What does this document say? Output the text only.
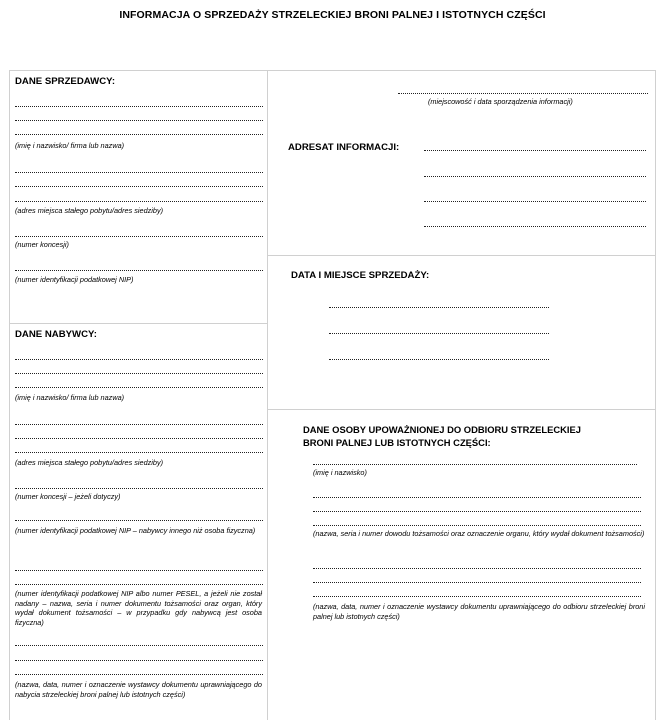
INFORMACJA O SPRZEDAŻY STRZELECKIEJ BRONI PALNEJ I ISTOTNYCH CZĘŚCI
DANE SPRZEDAWCY:
(imię i nazwisko/ firma lub nazwa)
(adres miejsca stałego pobytu/adres siedziby)
(numer koncesji)
(numer identyfikacji podatkowej NIP)
DANE NABYWCY:
(imię i nazwisko/ firma lub nazwa)
(adres miejsca stałego pobytu/adres siedziby)
(numer koncesji – jeżeli dotyczy)
(numer identyfikacji podatkowej NIP – nabywcy innego niż osoba fizyczna)
(numer identyfikacji podatkowej NIP albo numer PESEL, a jeżeli nie został nadany – nazwa, seria i numer dokumentu tożsamości oraz organ, który wydał dokument tożsamości – w przypadku gdy nabywcą jest osoba fizyczna)
(nazwa, data, numer i oznaczenie wystawcy dokumentu uprawniającego do nabycia strzeleckiej broni palnej lub istotnych części)
(miejscowość i data sporządzenia informacji)
ADRESAT INFORMACJI:
DATA I MIEJSCE SPRZEDAŻY:
DANE OSOBY UPOWAŻNIONEJ DO ODBIORU STRZELECKIEJ BRONI PALNEJ LUB ISTOTNYCH CZĘŚCI:
(imię i nazwisko)
(nazwa, seria i numer dowodu tożsamości oraz oznaczenie organu, który wydał dokument tożsamości)
(nazwa, data, numer i oznaczenie wystawcy dokumentu uprawniającego do odbioru strzeleckiej broni palnej lub istotnych części)
